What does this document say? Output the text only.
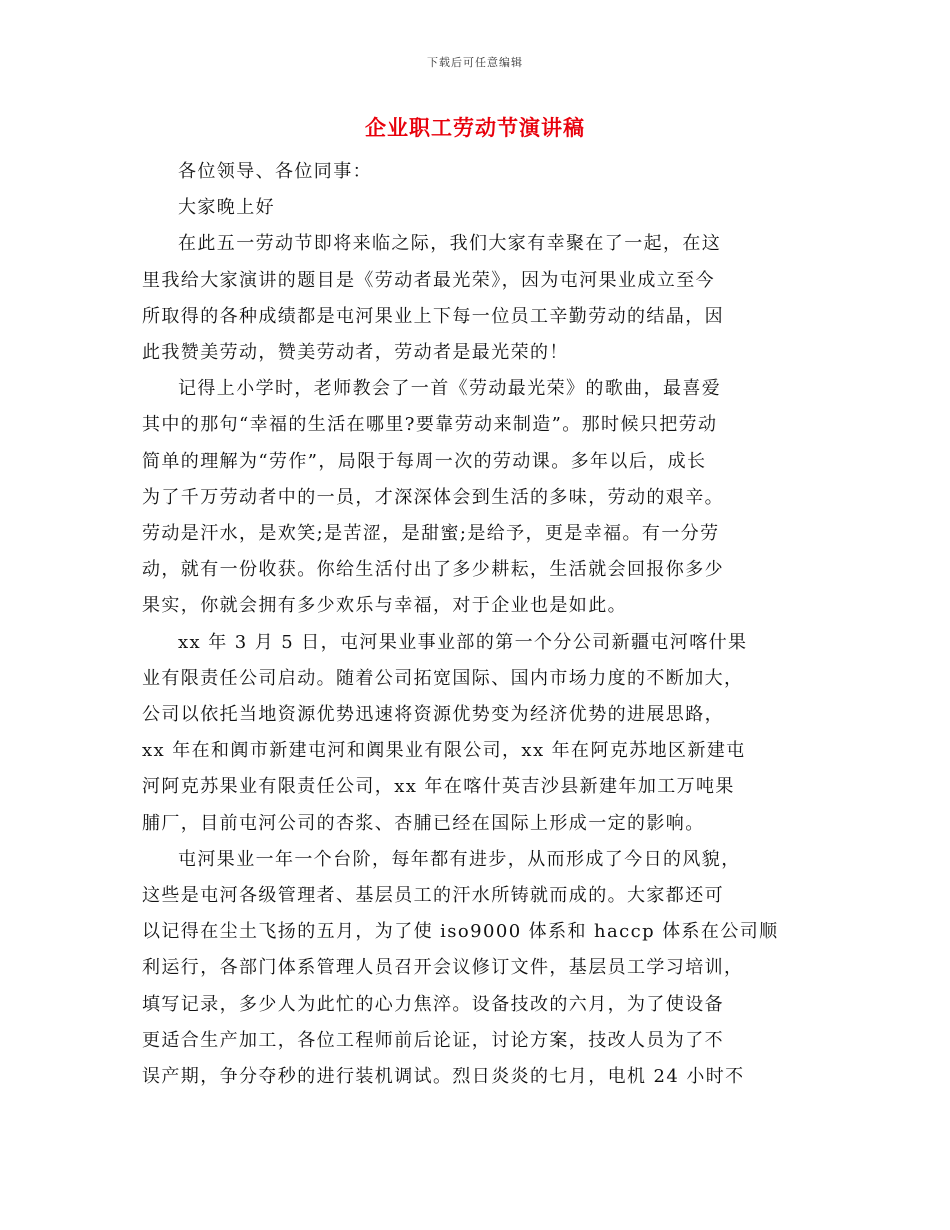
下载后可任意编辑
企业职工劳动节演讲稿
各位领导、各位同事：
大家晚上好
在此五一劳动节即将来临之际，我们大家有幸聚在了一起，在这
里我给大家演讲的题目是《劳动者最光荣》，因为屯河果业成立至今
所取得的各种成绩都是屯河果业上下每一位员工辛勤劳动的结晶，因
此我赞美劳动，赞美劳动者，劳动者是最光荣的！
记得上小学时，老师教会了一首《劳动最光荣》的歌曲，最喜爱
其中的那句“幸福的生活在哪里?要靠劳动来制造”。那时候只把劳动
简单的理解为“劳作”，局限于每周一次的劳动课。多年以后，成长
为了千万劳动者中的一员，才深深体会到生活的多味，劳动的艰辛。
劳动是汗水，是欢笑;是苦涩，是甜蜜;是给予，更是幸福。有一分劳
动，就有一份收获。你给生活付出了多少耕耘，生活就会回报你多少
果实，你就会拥有多少欢乐与幸福，对于企业也是如此。
xx 年 3 月 5 日，屯河果业事业部的第一个分公司新疆屯河喀什果
业有限责任公司启动。随着公司拓宽国际、国内市场力度的不断加大，
公司以依托当地资源优势迅速将资源优势变为经济优势的进展思路，
xx 年在和阗市新建屯河和阗果业有限公司，xx 年在阿克苏地区新建屯
河阿克苏果业有限责任公司，xx 年在喀什英吉沙县新建年加工万吨果
脯厂，目前屯河公司的杏浆、杏脯已经在国际上形成一定的影响。
屯河果业一年一个台阶，每年都有进步，从而形成了今日的风貌，
这些是屯河各级管理者、基层员工的汗水所铸就而成的。大家都还可
以记得在尘土飞扬的五月，为了使 iso9000 体系和 haccp 体系在公司顺
利运行，各部门体系管理人员召开会议修订文件，基层员工学习培训，
填写记录，多少人为此忙的心力焦淬。设备技改的六月，为了使设备
更适合生产加工，各位工程师前后论证，讨论方案，技改人员为了不
误产期，争分夺秒的进行装机调试。烈日炎炎的七月，电机 24 小时不
